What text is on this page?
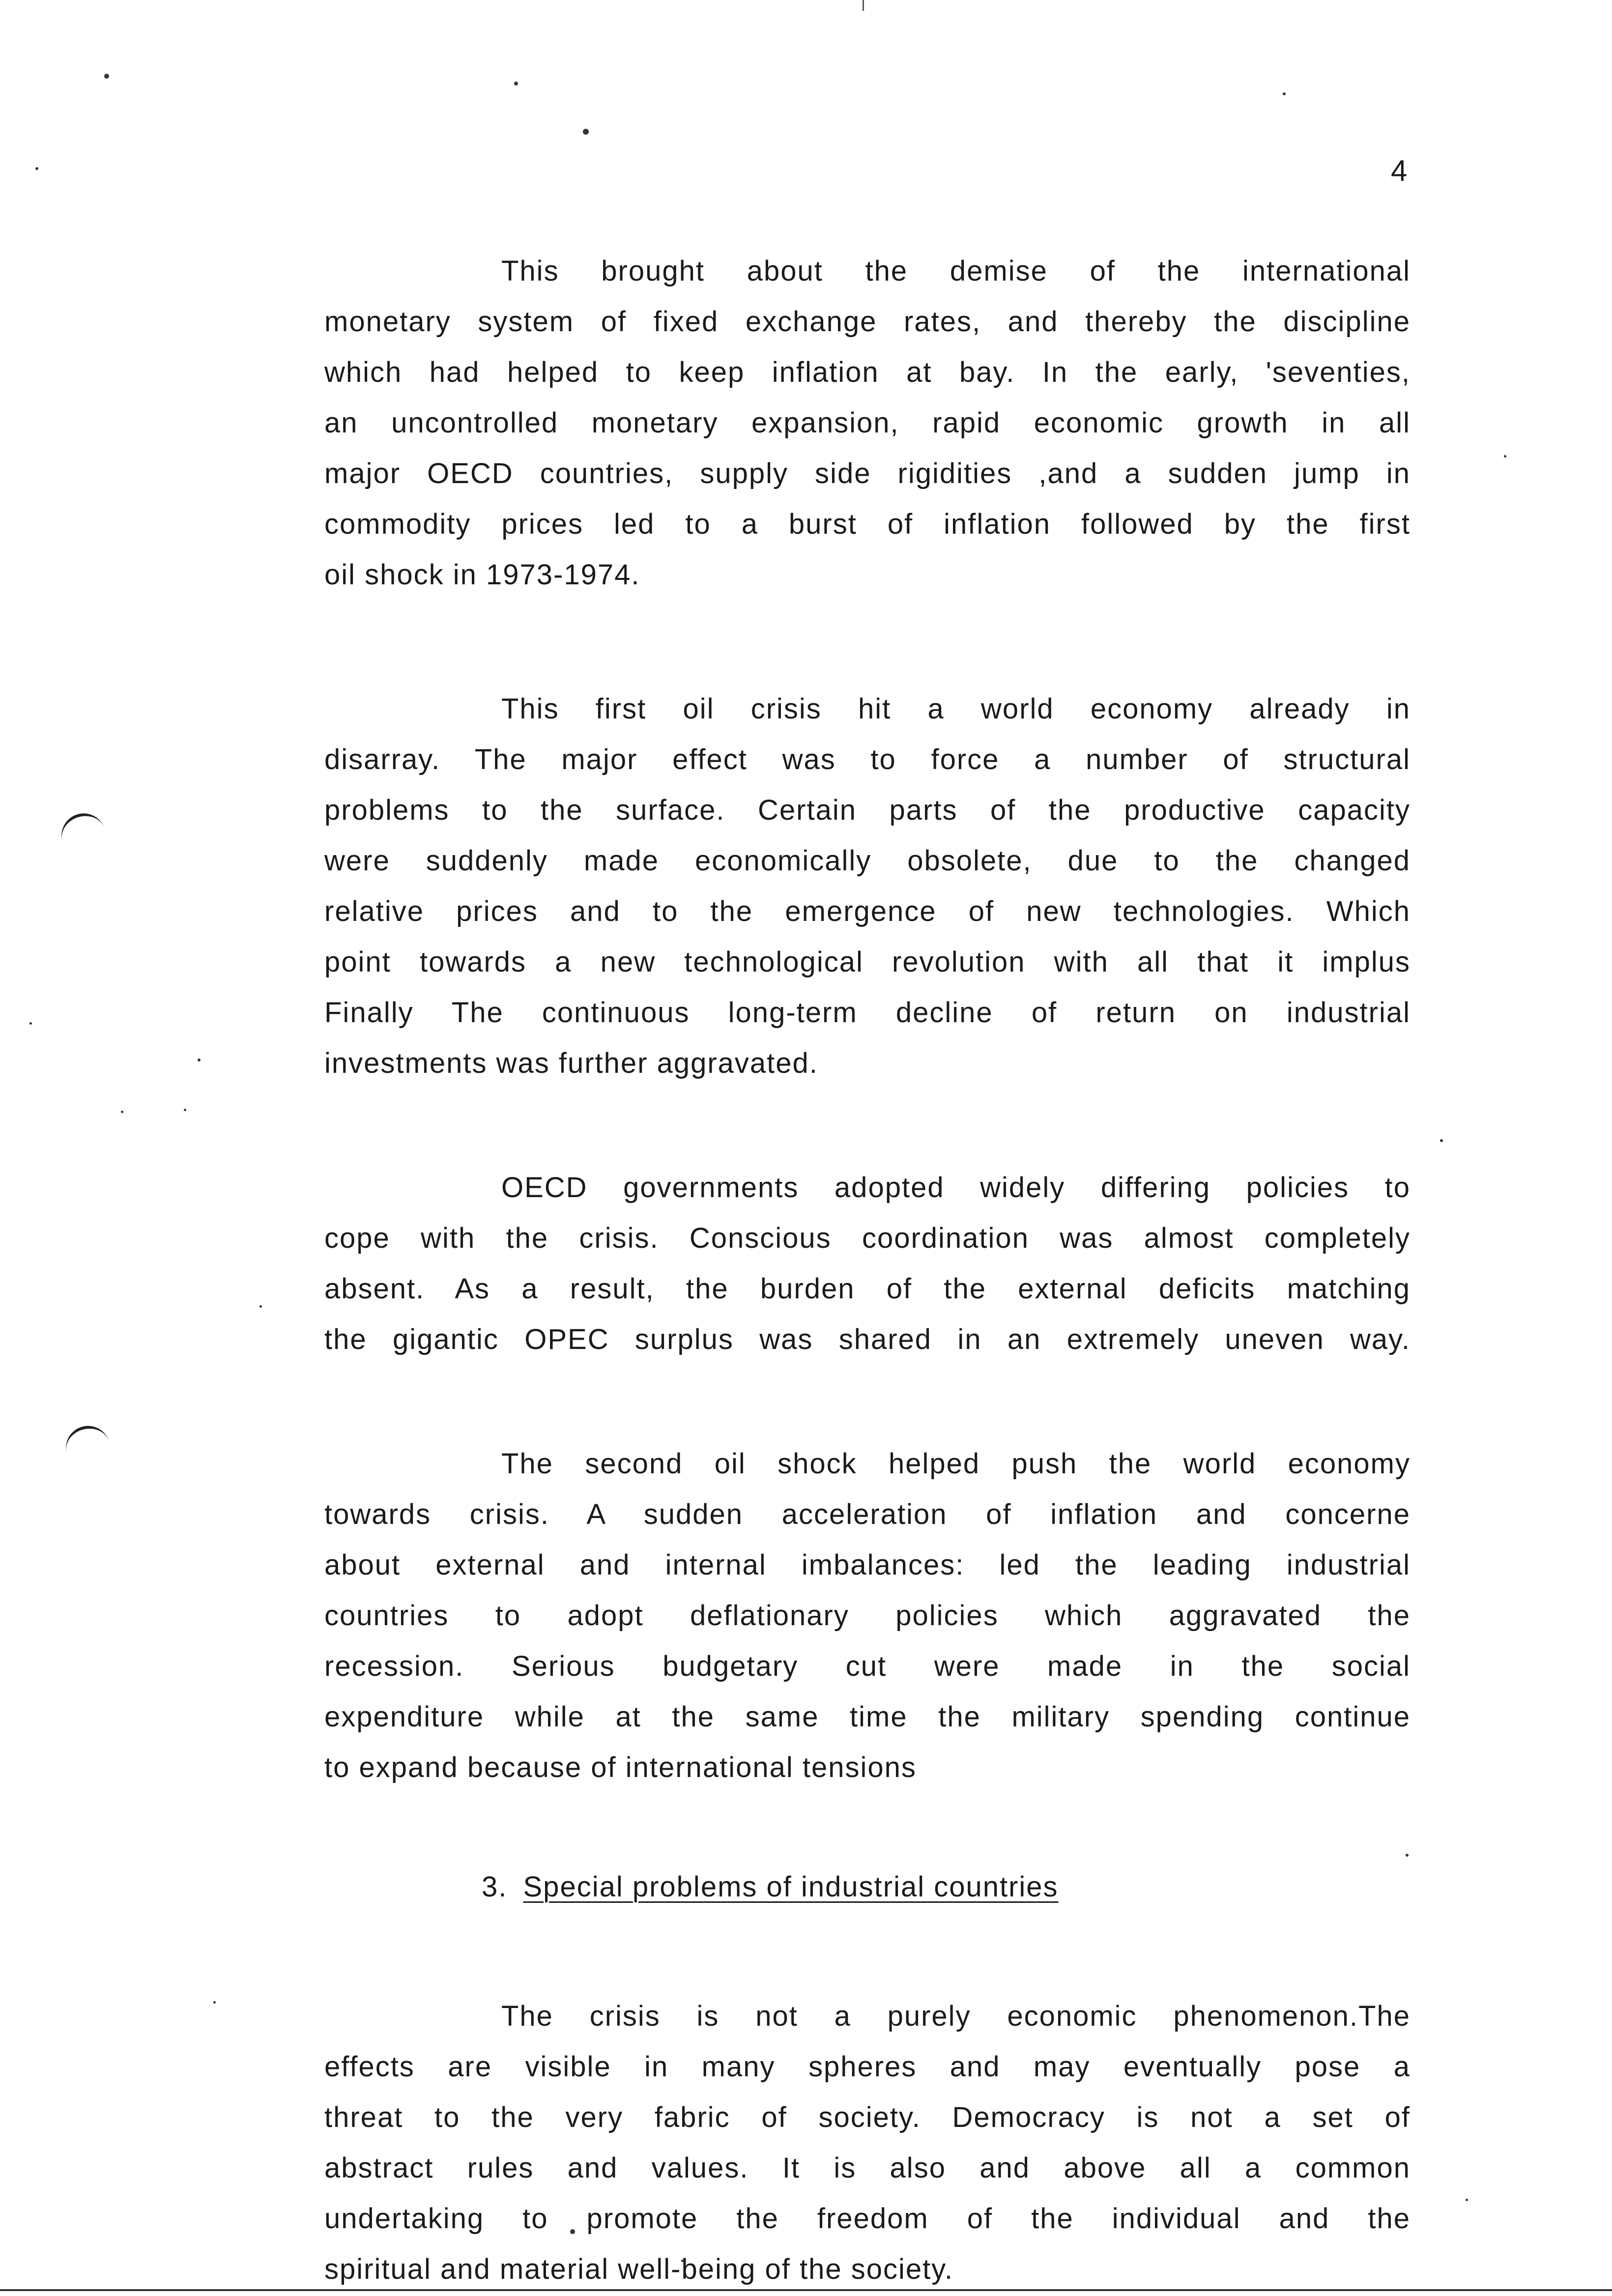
4

This brought about the demise of the international
monetary system of fixed exchange rates, and thereby the discipline
which had helped to keep inflation at bay. In the early, 'seventies,
an uncontrolled monetary expansion, rapid economic growth in all
major OECD countries, supply side rigidities ,and a sudden jump in
commodity prices led to a burst of inflation followed by the first
oil shock in 1973-1974.

This first oil crisis hit a world economy already in
disarray. The major effect was to force a number of structural
problems to the surface. Certain parts of the productive capacity
were suddenly made economically obsolete, due to the changed
relative prices and to the emergence of new technologies. Which
point towards a new technological revolution with all that it implus
Finally The continuous long-term decline of return on industrial
investments was further aggravated.

OECD governments adopted widely differing policies to
cope with the crisis. Conscious coordination was almost completely
absent. As a result, the burden of the external deficits matching
the gigantic OPEC surplus was shared in an extremely uneven way.

The second oil shock helped push the world economy
towards crisis. A sudden acceleration of inflation and concerne
about external and internal imbalances: led the leading industrial
countries to adopt deflationary policies which aggravated the
recession. Serious budgetary cut were made in the social
expenditure while at the same time the military spending continue
to expand because of international tensions

3. Special problems of industrial countries

The crisis is not a purely economic phenomenon.The
effects are visible in many spheres and may eventually pose a
threat to the very fabric of society. Democracy is not a set of
abstract rules and values. It is also and above all a common
undertaking to promote the freedom of the individual and the
spiritual and material well-being of the society.
